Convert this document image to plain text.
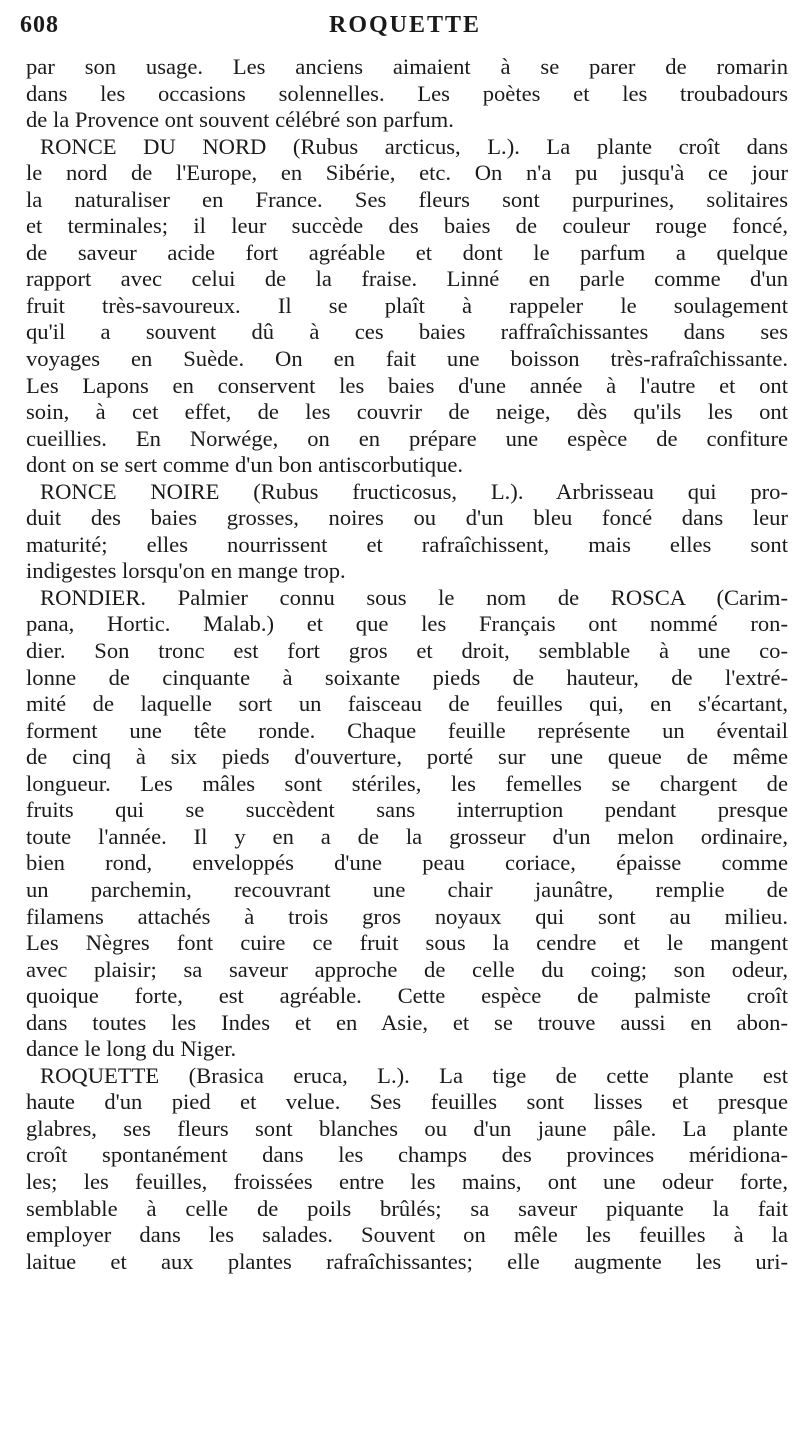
608	ROQUETTE
par son usage. Les anciens aimaient à se parer de romarin
dans les occasions solennelles. Les poètes et les troubadours
de la Provence ont souvent célébré son parfum.
RONCE DU NORD (Rubus arcticus, L.). La plante croît dans
le nord de l'Europe, en Sibérie, etc. On n'a pu jusqu'à ce jour
la naturaliser en France. Ses fleurs sont purpurines, solitaires
et terminales; il leur succède des baies de couleur rouge foncé,
de saveur acide fort agréable et dont le parfum a quelque
rapport avec celui de la fraise. Linné en parle comme d'un
fruit très-savoureux. Il se plaît à rappeler le soulagement
qu'il a souvent dû à ces baies raffraîchissantes dans ses
voyages en Suède. On en fait une boisson très-rafraîchissante.
Les Lapons en conservent les baies d'une année à l'autre et ont
soin, à cet effet, de les couvrir de neige, dès qu'ils les ont
cueillies. En Norwége, on en prépare une espèce de confiture
dont on se sert comme d'un bon antiscorbutique.
RONCE NOIRE (Rubus fructicosus, L.). Arbrisseau qui pro-
duit des baies grosses, noires ou d'un bleu foncé dans leur
maturité; elles nourrissent et rafraîchissent, mais elles sont
indigestes lorsqu'on en mange trop.
RONDIER. Palmier connu sous le nom de ROSCA (Carim-
pana, Hortic. Malab.) et que les Français ont nommé ron-
dier. Son tronc est fort gros et droit, semblable à une co-
lonne de cinquante à soixante pieds de hauteur, de l'extré-
mité de laquelle sort un faisceau de feuilles qui, en s'écartant,
forment une tête ronde. Chaque feuille représente un éventail
de cinq à six pieds d'ouverture, porté sur une queue de même
longueur. Les mâles sont stériles, les femelles se chargent de
fruits qui se succèdent sans interruption pendant presque
toute l'année. Il y en a de la grosseur d'un melon ordinaire,
bien rond, enveloppés d'une peau coriace, épaisse comme
un parchemin, recouvrant une chair jaunâtre, remplie de
filamens attachés à trois gros noyaux qui sont au milieu.
Les Nègres font cuire ce fruit sous la cendre et le mangent
avec plaisir; sa saveur approche de celle du coing; son odeur,
quoique forte, est agréable. Cette espèce de palmiste croît
dans toutes les Indes et en Asie, et se trouve aussi en abon-
dance le long du Niger.
ROQUETTE (Brasica eruca, L.). La tige de cette plante est
haute d'un pied et velue. Ses feuilles sont lisses et presque
glabres, ses fleurs sont blanches ou d'un jaune pâle. La plante
croît spontanément dans les champs des provinces méridiona-
les; les feuilles, froissées entre les mains, ont une odeur forte,
semblable à celle de poils brûlés; sa saveur piquante la fait
employer dans les salades. Souvent on mêle les feuilles à la
laitue et aux plantes rafraîchissantes; elle augmente les uri-
